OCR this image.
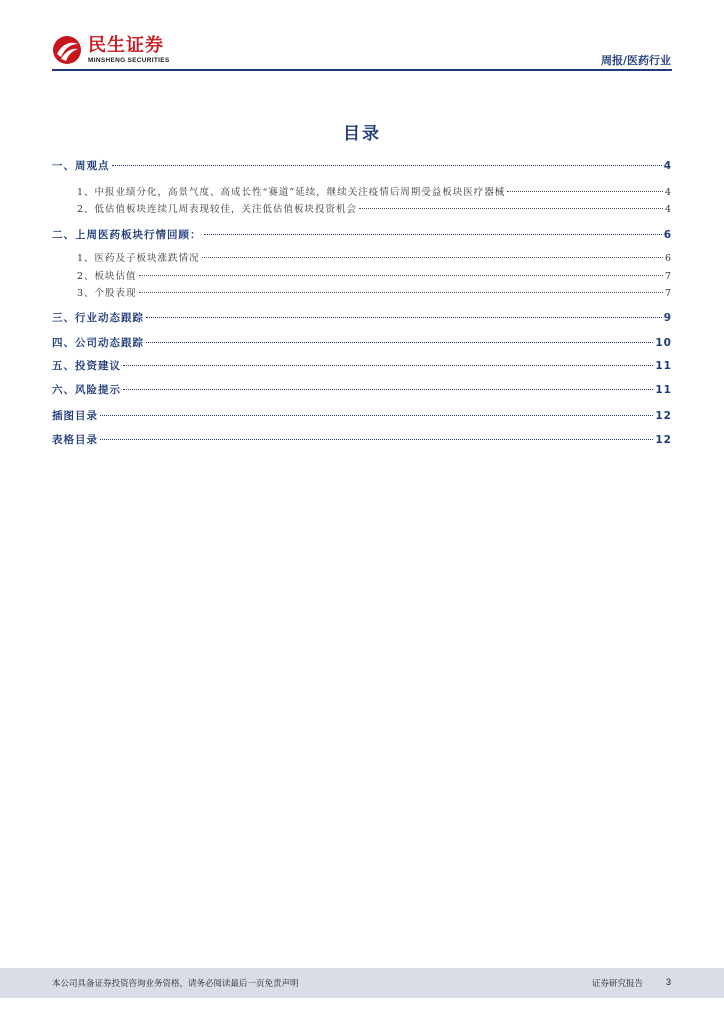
民生证券
MINSHENG SECURITIES	周报/医药行业
目录
一、周观点	4
1、中报业绩分化，高景气度、高成长性“赛道”延续，继续关注疫情后周期受益板块医疗器械	4
2、低估值板块连续几周表现较佳，关注低估值板块投资机会	4
二、上周医药板块行情回顾：	6
1、医药及子板块涨跌情况	6
2、板块估值	7
3、个股表现	7
三、行业动态跟踪	9
四、公司动态跟踪	10
五、投资建议	11
六、风险提示	11
插图目录	12
表格目录	12
本公司具备证券投资咨询业务资格，请务必阅读最后一页免责声明	证券研究报告	3
